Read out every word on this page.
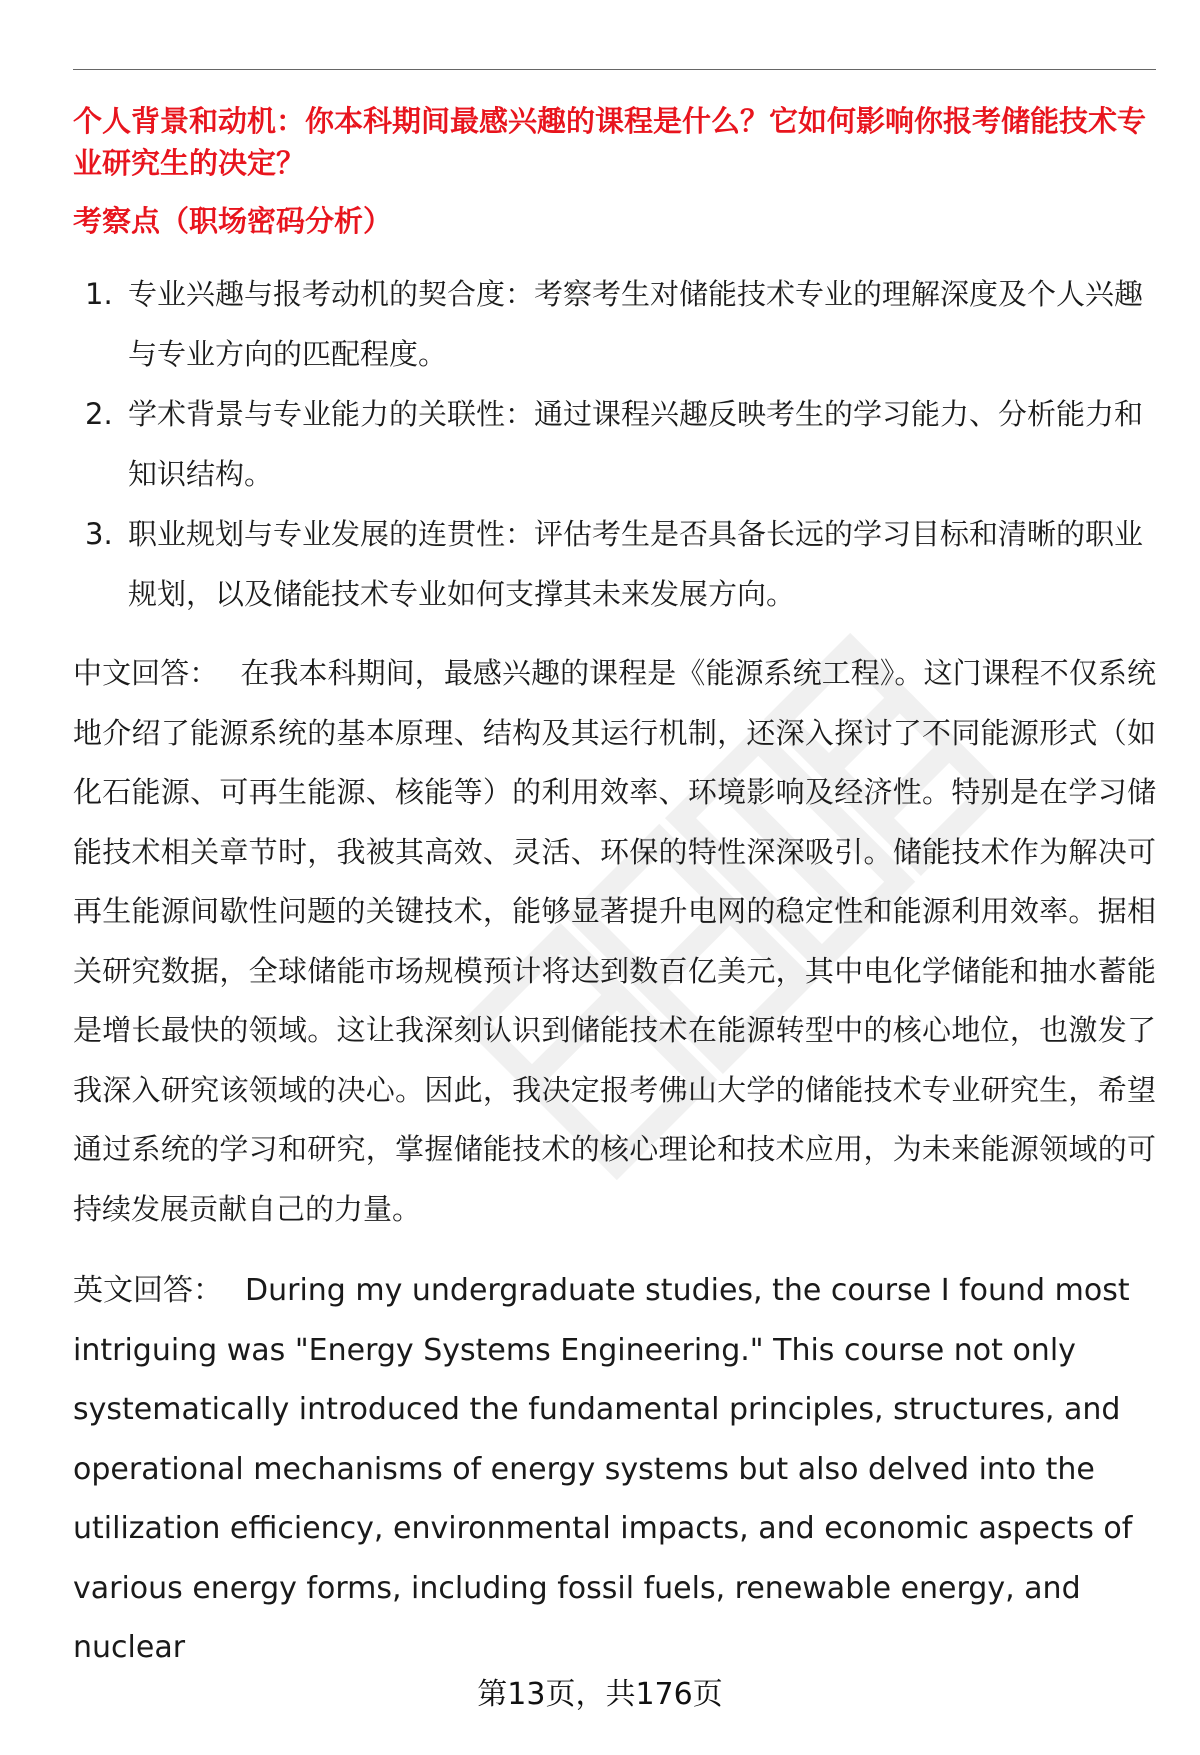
个人背景和动机：你本科期间最感兴趣的课程是什么？它如何影响你报考储能技术专业研究生的决定？
考察点（职场密码分析）
1. 专业兴趣与报考动机的契合度：考察考生对储能技术专业的理解深度及个人兴趣与专业方向的匹配程度。
2. 学术背景与专业能力的关联性：通过课程兴趣反映考生的学习能力、分析能力和知识结构。
3. 职业规划与专业发展的连贯性：评估考生是否具备长远的学习目标和清晰的职业规划，以及储能技术专业如何支撑其未来发展方向。

中文回答： 在我本科期间，最感兴趣的课程是《能源系统工程》。这门课程不仅系统地介绍了能源系统的基本原理、结构及其运行机制，还深入探讨了不同能源形式（如化石能源、可再生能源、核能等）的利用效率、环境影响及经济性。特别是在学习储能技术相关章节时，我被其高效、灵活、环保的特性深深吸引。储能技术作为解决可再生能源间歇性问题的关键技术，能够显著提升电网的稳定性和能源利用效率。据相关研究数据，全球储能市场规模预计将达到数百亿美元，其中电化学储能和抽水蓄能是增长最快的领域。这让我深刻认识到储能技术在能源转型中的核心地位，也激发了我深入研究该领域的决心。因此，我决定报考佛山大学的储能技术专业研究生，希望通过系统的学习和研究，掌握储能技术的核心理论和技术应用，为未来能源领域的可持续发展贡献自己的力量。

英文回答： During my undergraduate studies, the course I found most intriguing was "Energy Systems Engineering." This course not only systematically introduced the fundamental principles, structures, and operational mechanisms of energy systems but also delved into the utilization efficiency, environmental impacts, and economic aspects of various energy forms, including fossil fuels, renewable energy, and nuclear

第13页，共176页
